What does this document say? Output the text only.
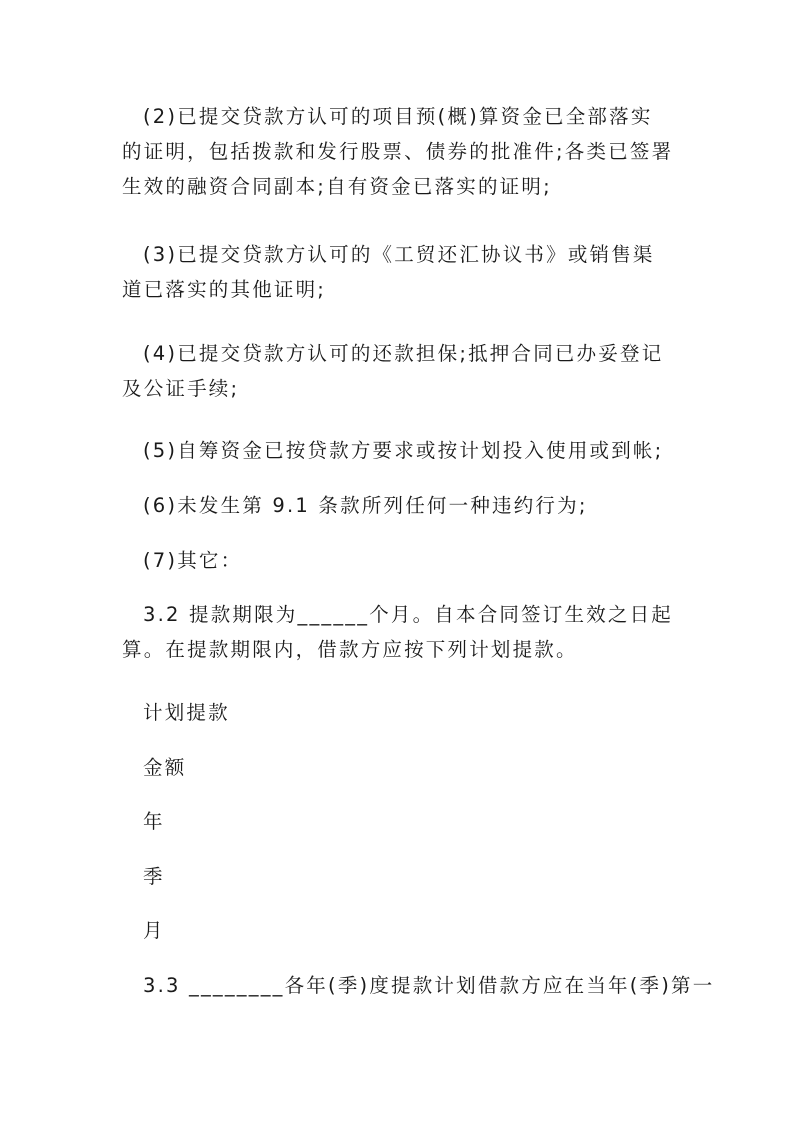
(2)已提交贷款方认可的项目预(概)算资金已全部落实的证明，包括拨款和发行股票、债券的批准件;各类已签署生效的融资合同副本;自有资金已落实的证明;

(3)已提交贷款方认可的《工贸还汇协议书》或销售渠道已落实的其他证明;

(4)已提交贷款方认可的还款担保;抵押合同已办妥登记及公证手续;

(5)自筹资金已按贷款方要求或按计划投入使用或到帐;

(6)未发生第 9.1 条款所列任何一种违约行为;

(7)其它：

3.2 提款期限为______个月。自本合同签订生效之日起算。在提款期限内，借款方应按下列计划提款。

计划提款

金额

年

季

月

3.3 ________各年(季)度提款计划借款方应在当年(季)第一
